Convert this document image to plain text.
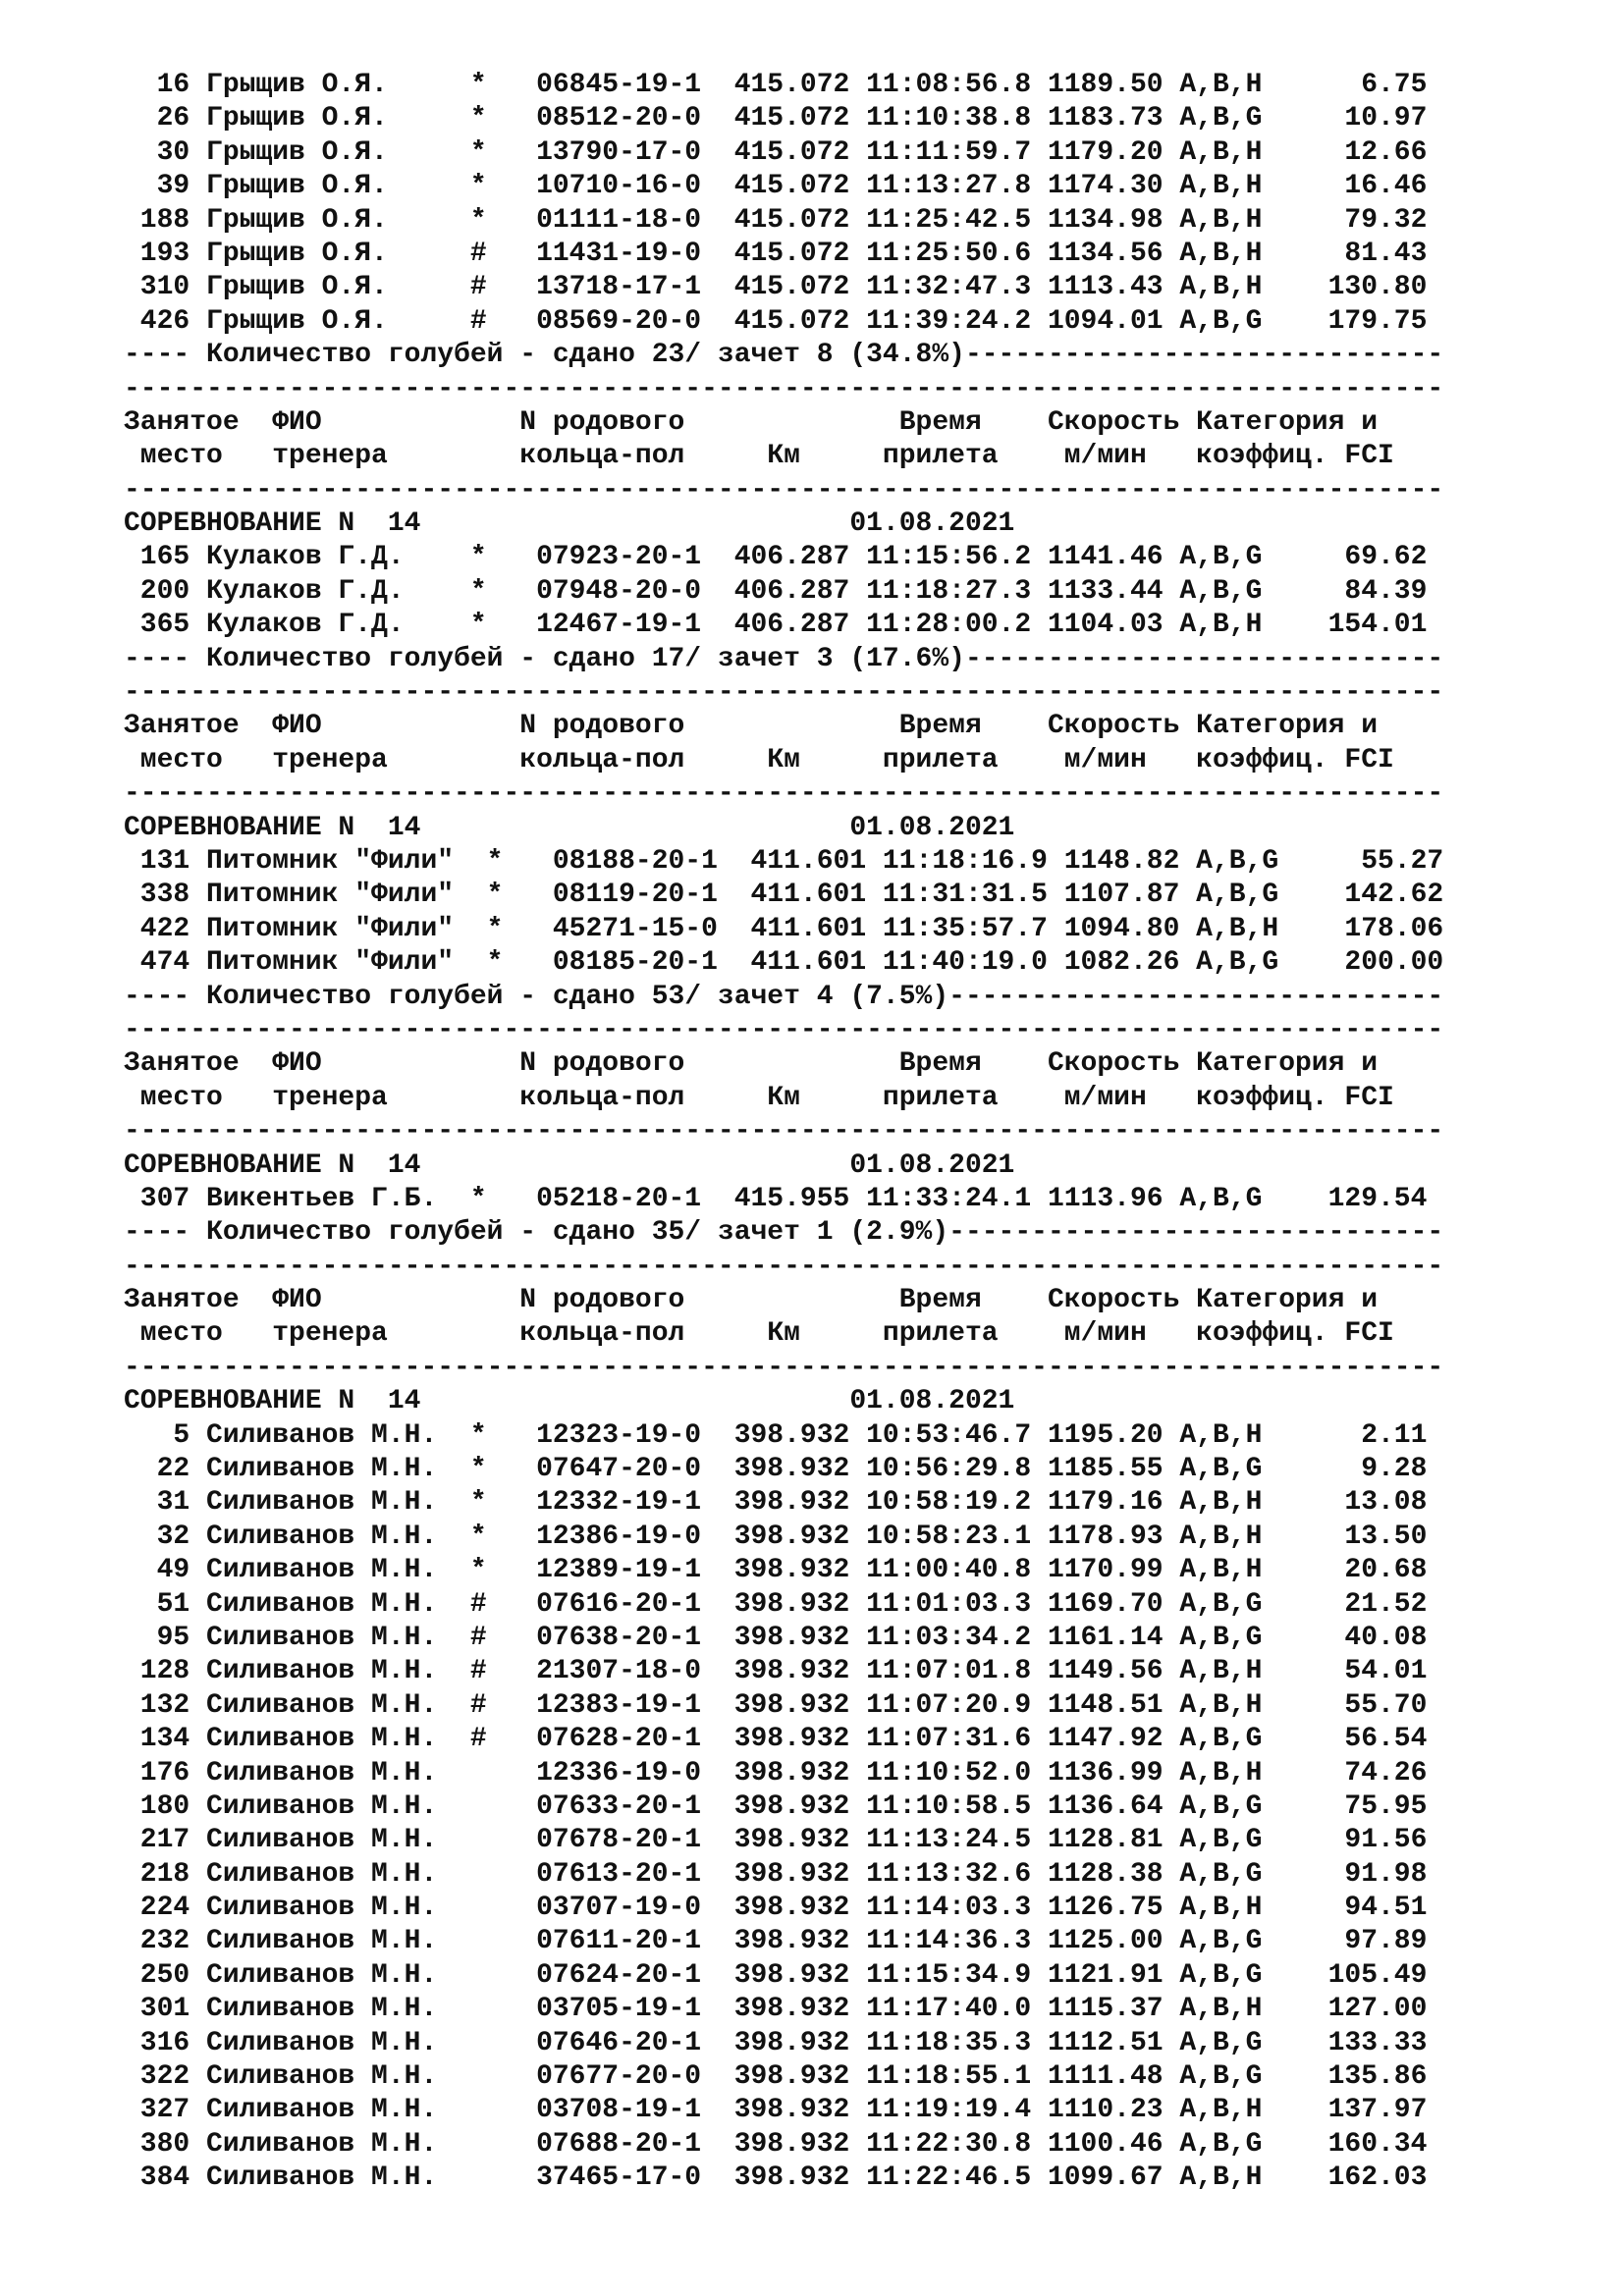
16 Грыщив О.Я.     *   06845-19-1  415.072 11:08:56.8 1189.50 A,B,H      6.75
26 Грыщив О.Я.     *   08512-20-0  415.072 11:10:38.8 1183.73 A,B,G     10.97
30 Грыщив О.Я.     *   13790-17-0  415.072 11:11:59.7 1179.20 A,B,H     12.66
39 Грыщив О.Я.     *   10710-16-0  415.072 11:13:27.8 1174.30 A,B,H     16.46
188 Грыщив О.Я.     *   01111-18-0  415.072 11:25:42.5 1134.98 A,B,H     79.32
193 Грыщив О.Я.     #   11431-19-0  415.072 11:25:50.6 1134.56 A,B,H     81.43
310 Грыщив О.Я.     #   13718-17-1  415.072 11:32:47.3 1113.43 A,B,H    130.80
426 Грыщив О.Я.     #   08569-20-0  415.072 11:39:24.2 1094.01 A,B,G    179.75
---- Количество голубей - сдано 23/ зачет 8 (34.8%)-----------------------------
--------------------------------------------------------------------------------
Занятое  ФИО            N родового             Время    Скорость Категория и
место   тренера        кольца-пол     Км     прилета    м/мин   коэффиц. FCI
--------------------------------------------------------------------------------
СОРЕВНОВАНИЕ N  14                          01.08.2021
165 Кулаков Г.Д.    *   07923-20-1  406.287 11:15:56.2 1141.46 A,B,G     69.62
200 Кулаков Г.Д.    *   07948-20-0  406.287 11:18:27.3 1133.44 A,B,G     84.39
365 Кулаков Г.Д.    *   12467-19-1  406.287 11:28:00.2 1104.03 A,B,H    154.01
---- Количество голубей - сдано 17/ зачет 3 (17.6%)-----------------------------
--------------------------------------------------------------------------------
Занятое  ФИО            N родового             Время    Скорость Категория и
место   тренера        кольца-пол     Км     прилета    м/мин   коэффиц. FCI
--------------------------------------------------------------------------------
СОРЕВНОВАНИЕ N  14                          01.08.2021
131 Питомник "Фили"  *   08188-20-1  411.601 11:18:16.9 1148.82 A,B,G     55.27
338 Питомник "Фили"  *   08119-20-1  411.601 11:31:31.5 1107.87 A,B,G    142.62
422 Питомник "Фили"  *   45271-15-0  411.601 11:35:57.7 1094.80 A,B,H    178.06
474 Питомник "Фили"  *   08185-20-1  411.601 11:40:19.0 1082.26 A,B,G    200.00
---- Количество голубей - сдано 53/ зачет 4 (7.5%)------------------------------
--------------------------------------------------------------------------------
Занятое  ФИО            N родового             Время    Скорость Категория и
место   тренера        кольца-пол     Км     прилета    м/мин   коэффиц. FCI
--------------------------------------------------------------------------------
СОРЕВНОВАНИЕ N  14                          01.08.2021
307 Викентьев Г.Б.  *   05218-20-1  415.955 11:33:24.1 1113.96 A,B,G    129.54
---- Количество голубей - сдано 35/ зачет 1 (2.9%)------------------------------
--------------------------------------------------------------------------------
Занятое  ФИО            N родового             Время    Скорость Категория и
место   тренера        кольца-пол     Км     прилета    м/мин   коэффиц. FCI
--------------------------------------------------------------------------------
СОРЕВНОВАНИЕ N  14                          01.08.2021
5 Силиванов М.Н.  *   12323-19-0  398.932 10:53:46.7 1195.20 A,B,H      2.11
22 Силиванов М.Н.  *   07647-20-0  398.932 10:56:29.8 1185.55 A,B,G      9.28
31 Силиванов М.Н.  *   12332-19-1  398.932 10:58:19.2 1179.16 A,B,H     13.08
32 Силиванов М.Н.  *   12386-19-0  398.932 10:58:23.1 1178.93 A,B,H     13.50
49 Силиванов М.Н.  *   12389-19-1  398.932 11:00:40.8 1170.99 A,B,H     20.68
51 Силиванов М.Н.  #   07616-20-1  398.932 11:01:03.3 1169.70 A,B,G     21.52
95 Силиванов М.Н.  #   07638-20-1  398.932 11:03:34.2 1161.14 A,B,G     40.08
128 Силиванов М.Н.  #   21307-18-0  398.932 11:07:01.8 1149.56 A,B,H     54.01
132 Силиванов М.Н.  #   12383-19-1  398.932 11:07:20.9 1148.51 A,B,H     55.70
134 Силиванов М.Н.  #   07628-20-1  398.932 11:07:31.6 1147.92 A,B,G     56.54
176 Силиванов М.Н.      12336-19-0  398.932 11:10:52.0 1136.99 A,B,H     74.26
180 Силиванов М.Н.      07633-20-1  398.932 11:10:58.5 1136.64 A,B,G     75.95
217 Силиванов М.Н.      07678-20-1  398.932 11:13:24.5 1128.81 A,B,G     91.56
218 Силиванов М.Н.      07613-20-1  398.932 11:13:32.6 1128.38 A,B,G     91.98
224 Силиванов М.Н.      03707-19-0  398.932 11:14:03.3 1126.75 A,B,H     94.51
232 Силиванов М.Н.      07611-20-1  398.932 11:14:36.3 1125.00 A,B,G     97.89
250 Силиванов М.Н.      07624-20-1  398.932 11:15:34.9 1121.91 A,B,G    105.49
301 Силиванов М.Н.      03705-19-1  398.932 11:17:40.0 1115.37 A,B,H    127.00
316 Силиванов М.Н.      07646-20-1  398.932 11:18:35.3 1112.51 A,B,G    133.33
322 Силиванов М.Н.      07677-20-0  398.932 11:18:55.1 1111.48 A,B,G    135.86
327 Силиванов М.Н.      03708-19-1  398.932 11:19:19.4 1110.23 A,B,H    137.97
380 Силиванов М.Н.      07688-20-1  398.932 11:22:30.8 1100.46 A,B,G    160.34
384 Силиванов М.Н.      37465-17-0  398.932 11:22:46.5 1099.67 A,B,H    162.03
